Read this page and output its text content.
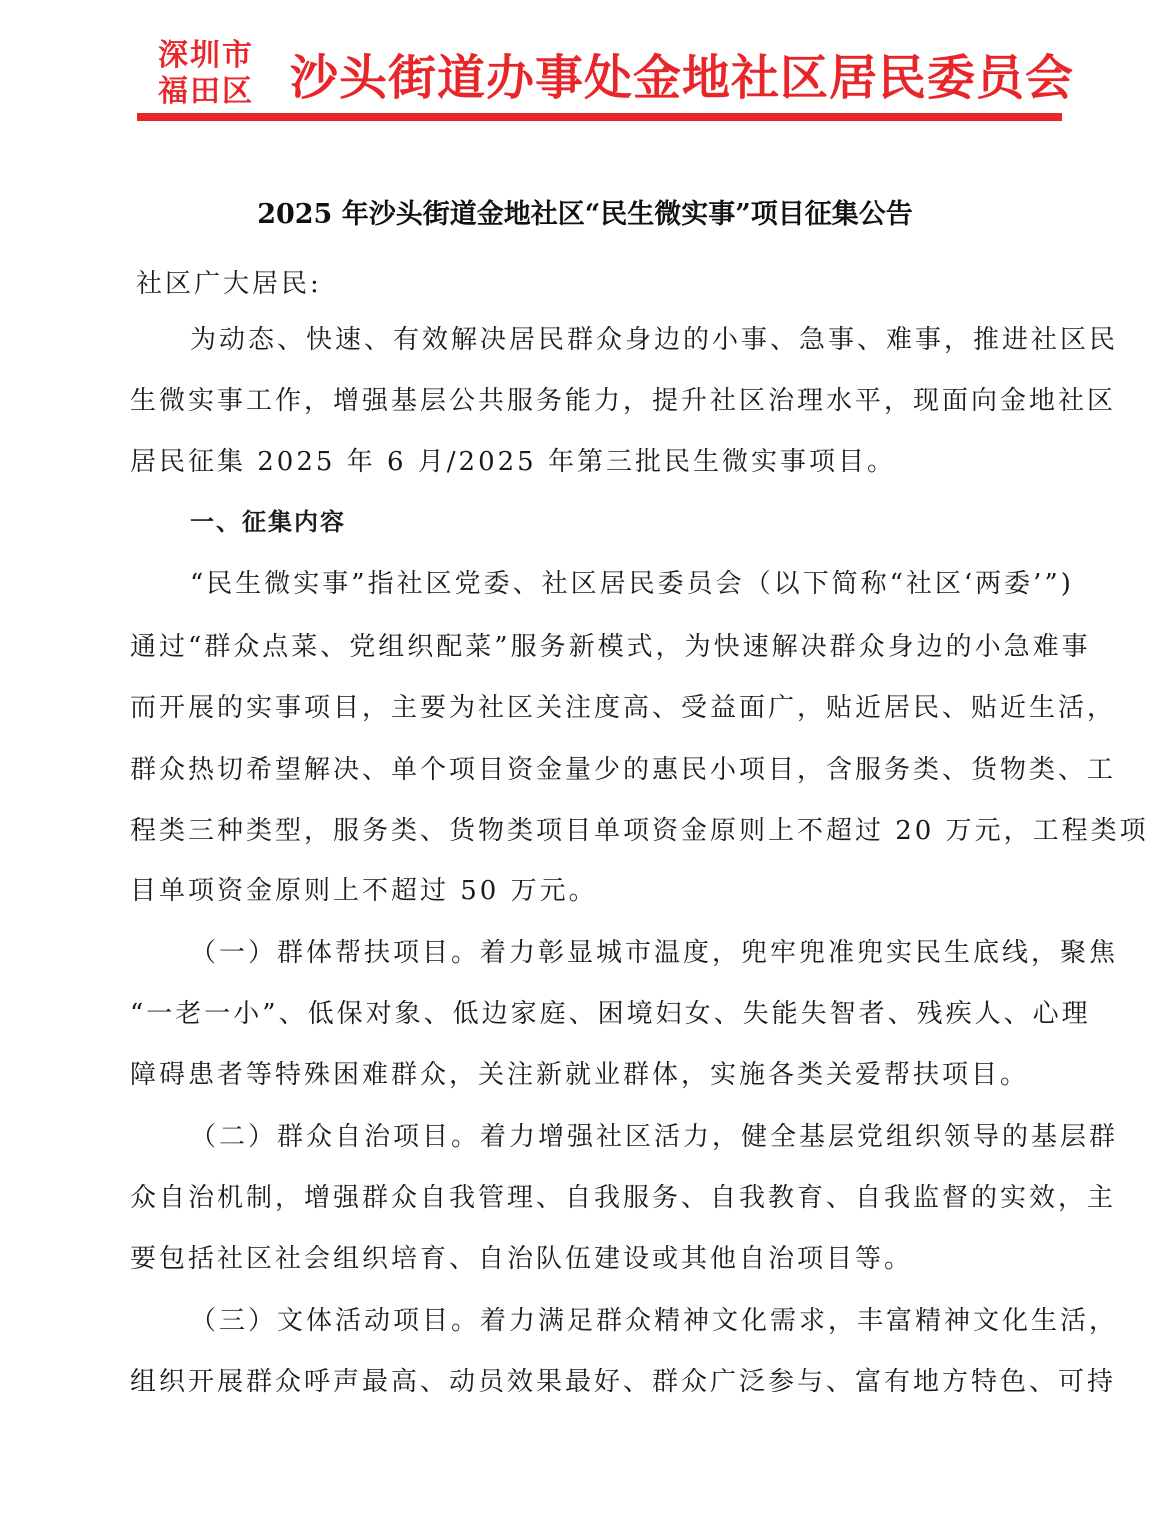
深圳市
福田区 沙头街道办事处金地社区居民委员会
2025 年沙头街道金地社区“民生微实事”项目征集公告
社区广大居民:
为动态、快速、有效解决居民群众身边的小事、急事、难事，推进社区民
生微实事工作，增强基层公共服务能力，提升社区治理水平，现面向金地社区
居民征集 2025 年 6 月/2025 年第三批民生微实事项目。
一、征集内容
“民生微实事”指社区党委、社区居民委员会（以下简称“社区‘两委’”)
通过“群众点菜、党组织配菜”服务新模式，为快速解决群众身边的小急难事
而开展的实事项目，主要为社区关注度高、受益面广，贴近居民、贴近生活，
群众热切希望解决、单个项目资金量少的惠民小项目，含服务类、货物类、工
程类三种类型，服务类、货物类项目单项资金原则上不超过 20 万元，工程类项
目单项资金原则上不超过 50 万元。
（一）群体帮扶项目。着力彰显城市温度，兜牢兜准兜实民生底线，聚焦
“一老一小”、低保对象、低边家庭、困境妇女、失能失智者、残疾人、心理
障碍患者等特殊困难群众，关注新就业群体，实施各类关爱帮扶项目。
（二）群众自治项目。着力增强社区活力，健全基层党组织领导的基层群
众自治机制，增强群众自我管理、自我服务、自我教育、自我监督的实效，主
要包括社区社会组织培育、自治队伍建设或其他自治项目等。
（三）文体活动项目。着力满足群众精神文化需求，丰富精神文化生活，
组织开展群众呼声最高、动员效果最好、群众广泛参与、富有地方特色、可持
